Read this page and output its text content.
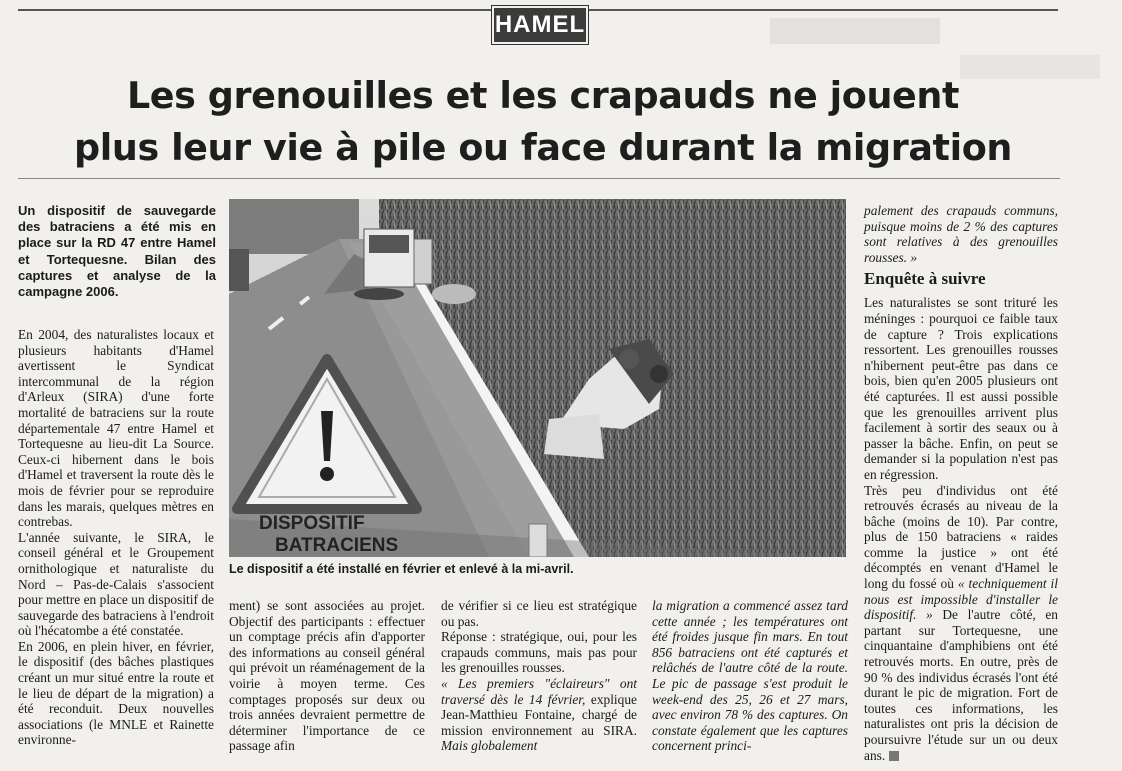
HAMEL
Les grenouilles et les crapauds ne jouent
plus leur vie à pile ou face durant la migration
Un dispositif de sauvegarde des batraciens a été mis en place sur la RD 47 entre Hamel et Tortequesne. Bilan des captures et analyse de la campagne 2006.

En 2004, des naturalistes locaux et plusieurs habitants d'Hamel avertissent le Syndicat intercommunal de la région d'Arleux (SIRA) d'une forte mortalité de batraciens sur la route départementale 47 entre Hamel et Tortequesne au lieu-dit La Source. Ceux-ci hibernent dans le bois d'Hamel et traversent la route dès le mois de février pour se reproduire dans les marais, quelques mètres en contrebas.

L'année suivante, le SIRA, le conseil général et le Groupement ornithologique et naturaliste du Nord – Pas-de-Calais s'associent pour mettre en place un dispositif de sauvegarde des batraciens à l'endroit où l'hécatombe a été constatée.

En 2006, en plein hiver, en février, le dispositif (des bâches plastiques créant un mur situé entre la route et le lieu de départ de la migration) a été reconduit. Deux nouvelles associations (le MNLE et Rainette environne-

DISPOSITIF
BATRACIENS
Le dispositif a été installé en février et enlevé à la mi-avril.

ment) se sont associées au projet. Objectif des participants : effectuer un comptage précis afin d'apporter des informations au conseil général qui prévoit un réaménagement de la voirie à moyen terme. Ces comptages proposés sur deux ou trois années devraient permettre de déterminer l'importance de ce passage afin

de vérifier si ce lieu est stratégique ou pas.

Réponse : stratégique, oui, pour les crapauds communs, mais pas pour les grenouilles rousses.

« Les premiers "éclaireurs" ont traversé dès le 14 février, explique Jean-Matthieu Fontaine, chargé de mission environnement au SIRA. Mais globalement

la migration a commencé assez tard cette année ; les températures ont été froides jusque fin mars. En tout 856 batraciens ont été capturés et relâchés de l'autre côté de la route. Le pic de passage s'est produit le week-end des 25, 26 et 27 mars, avec environ 78 % des captures. On constate également que les captures concernent princi-

palement des crapauds communs, puisque moins de 2 % des captures sont relatives à des grenouilles rousses. »

Enquête à suivre

Les naturalistes se sont trituré les méninges : pourquoi ce faible taux de capture ? Trois explications ressortent. Les grenouilles rousses n'hibernent peut-être pas dans ce bois, bien qu'en 2005 plusieurs ont été capturées. Il est aussi possible que les grenouilles arrivent plus facilement à sortir des seaux ou à passer la bâche. Enfin, on peut se demander si la population n'est pas en régression.

Très peu d'individus ont été retrouvés écrasés au niveau de la bâche (moins de 10). Par contre, plus de 150 batraciens « raides comme la justice » ont été décomptés en venant d'Hamel le long du fossé où « techniquement il nous est impossible d'installer le dispositif. » De l'autre côté, en partant sur Tortequesne, une cinquantaine d'amphibiens ont été retrouvés morts. En outre, près de 90 % des individus écrasés l'ont été durant le pic de migration. Fort de toutes ces informations, les naturalistes ont pris la décision de poursuivre l'étude sur un ou deux ans.
